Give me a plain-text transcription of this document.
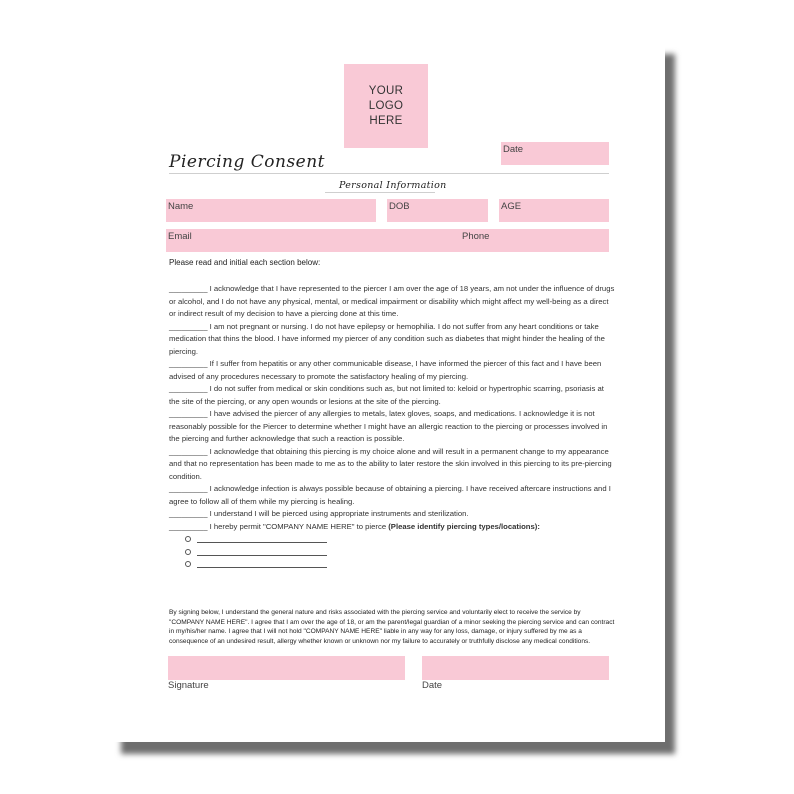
YOUR
LOGO
HERE
Date
Piercing Consent
Personal Information
Name	DOB	AGE
Email	Phone
Please read and initial each section below:

_________ I acknowledge that I have represented to the piercer I am over the age of 18 years, am not under the influence of drugs or alcohol, and I do not have any physical, mental, or medical impairment or disability which might affect my well-being as a direct or indirect result of my decision to have a piercing done at this time.

_________ I am not pregnant or nursing. I do not have epilepsy or hemophilia. I do not suffer from any heart conditions or take medication that thins the blood. I have informed my piercer of any condition such as diabetes that might hinder the healing of the piercing.

_________ If I suffer from hepatitis or any other communicable disease, I have informed the piercer of this fact and I have been advised of any procedures necessary to promote the satisfactory healing of my piercing.

_________ I do not suffer from medical or skin conditions such as, but not limited to: keloid or hypertrophic scarring, psoriasis at the site of the piercing, or any open wounds or lesions at the site of the piercing.

_________ I have advised the piercer of any allergies to metals, latex gloves, soaps, and medications. I acknowledge it is not reasonably possible for the Piercer to determine whether I might have an allergic reaction to the piercing or processes involved in the piercing and further acknowledge that such a reaction is possible.

_________ I acknowledge that obtaining this piercing is my choice alone and will result in a permanent change to my appearance and that no representation has been made to me as to the ability to later restore the skin involved in this piercing to its pre-piercing condition.

_________ I acknowledge infection is always possible because of obtaining a piercing. I have received aftercare instructions and I agree to follow all of them while my piercing is healing.

_________ I understand I will be pierced using appropriate instruments and sterilization.

_________ I hereby permit "COMPANY NAME HERE" to pierce (Please identify piercing types/locations):

By signing below, I understand the general nature and risks associated with the piercing service and voluntarily elect to receive the service by "COMPANY NAME HERE". I agree that I am over the age of 18, or am the parent/legal guardian of a minor seeking the piercing service and can contract in my/his/her name. I agree that I will not hold "COMPANY NAME HERE" liable in any way for any loss, damage, or injury suffered by me as a consequence of an undesired result, allergy whether known or unknown nor my failure to accurately or truthfully disclose any medical conditions.
Signature	Date
